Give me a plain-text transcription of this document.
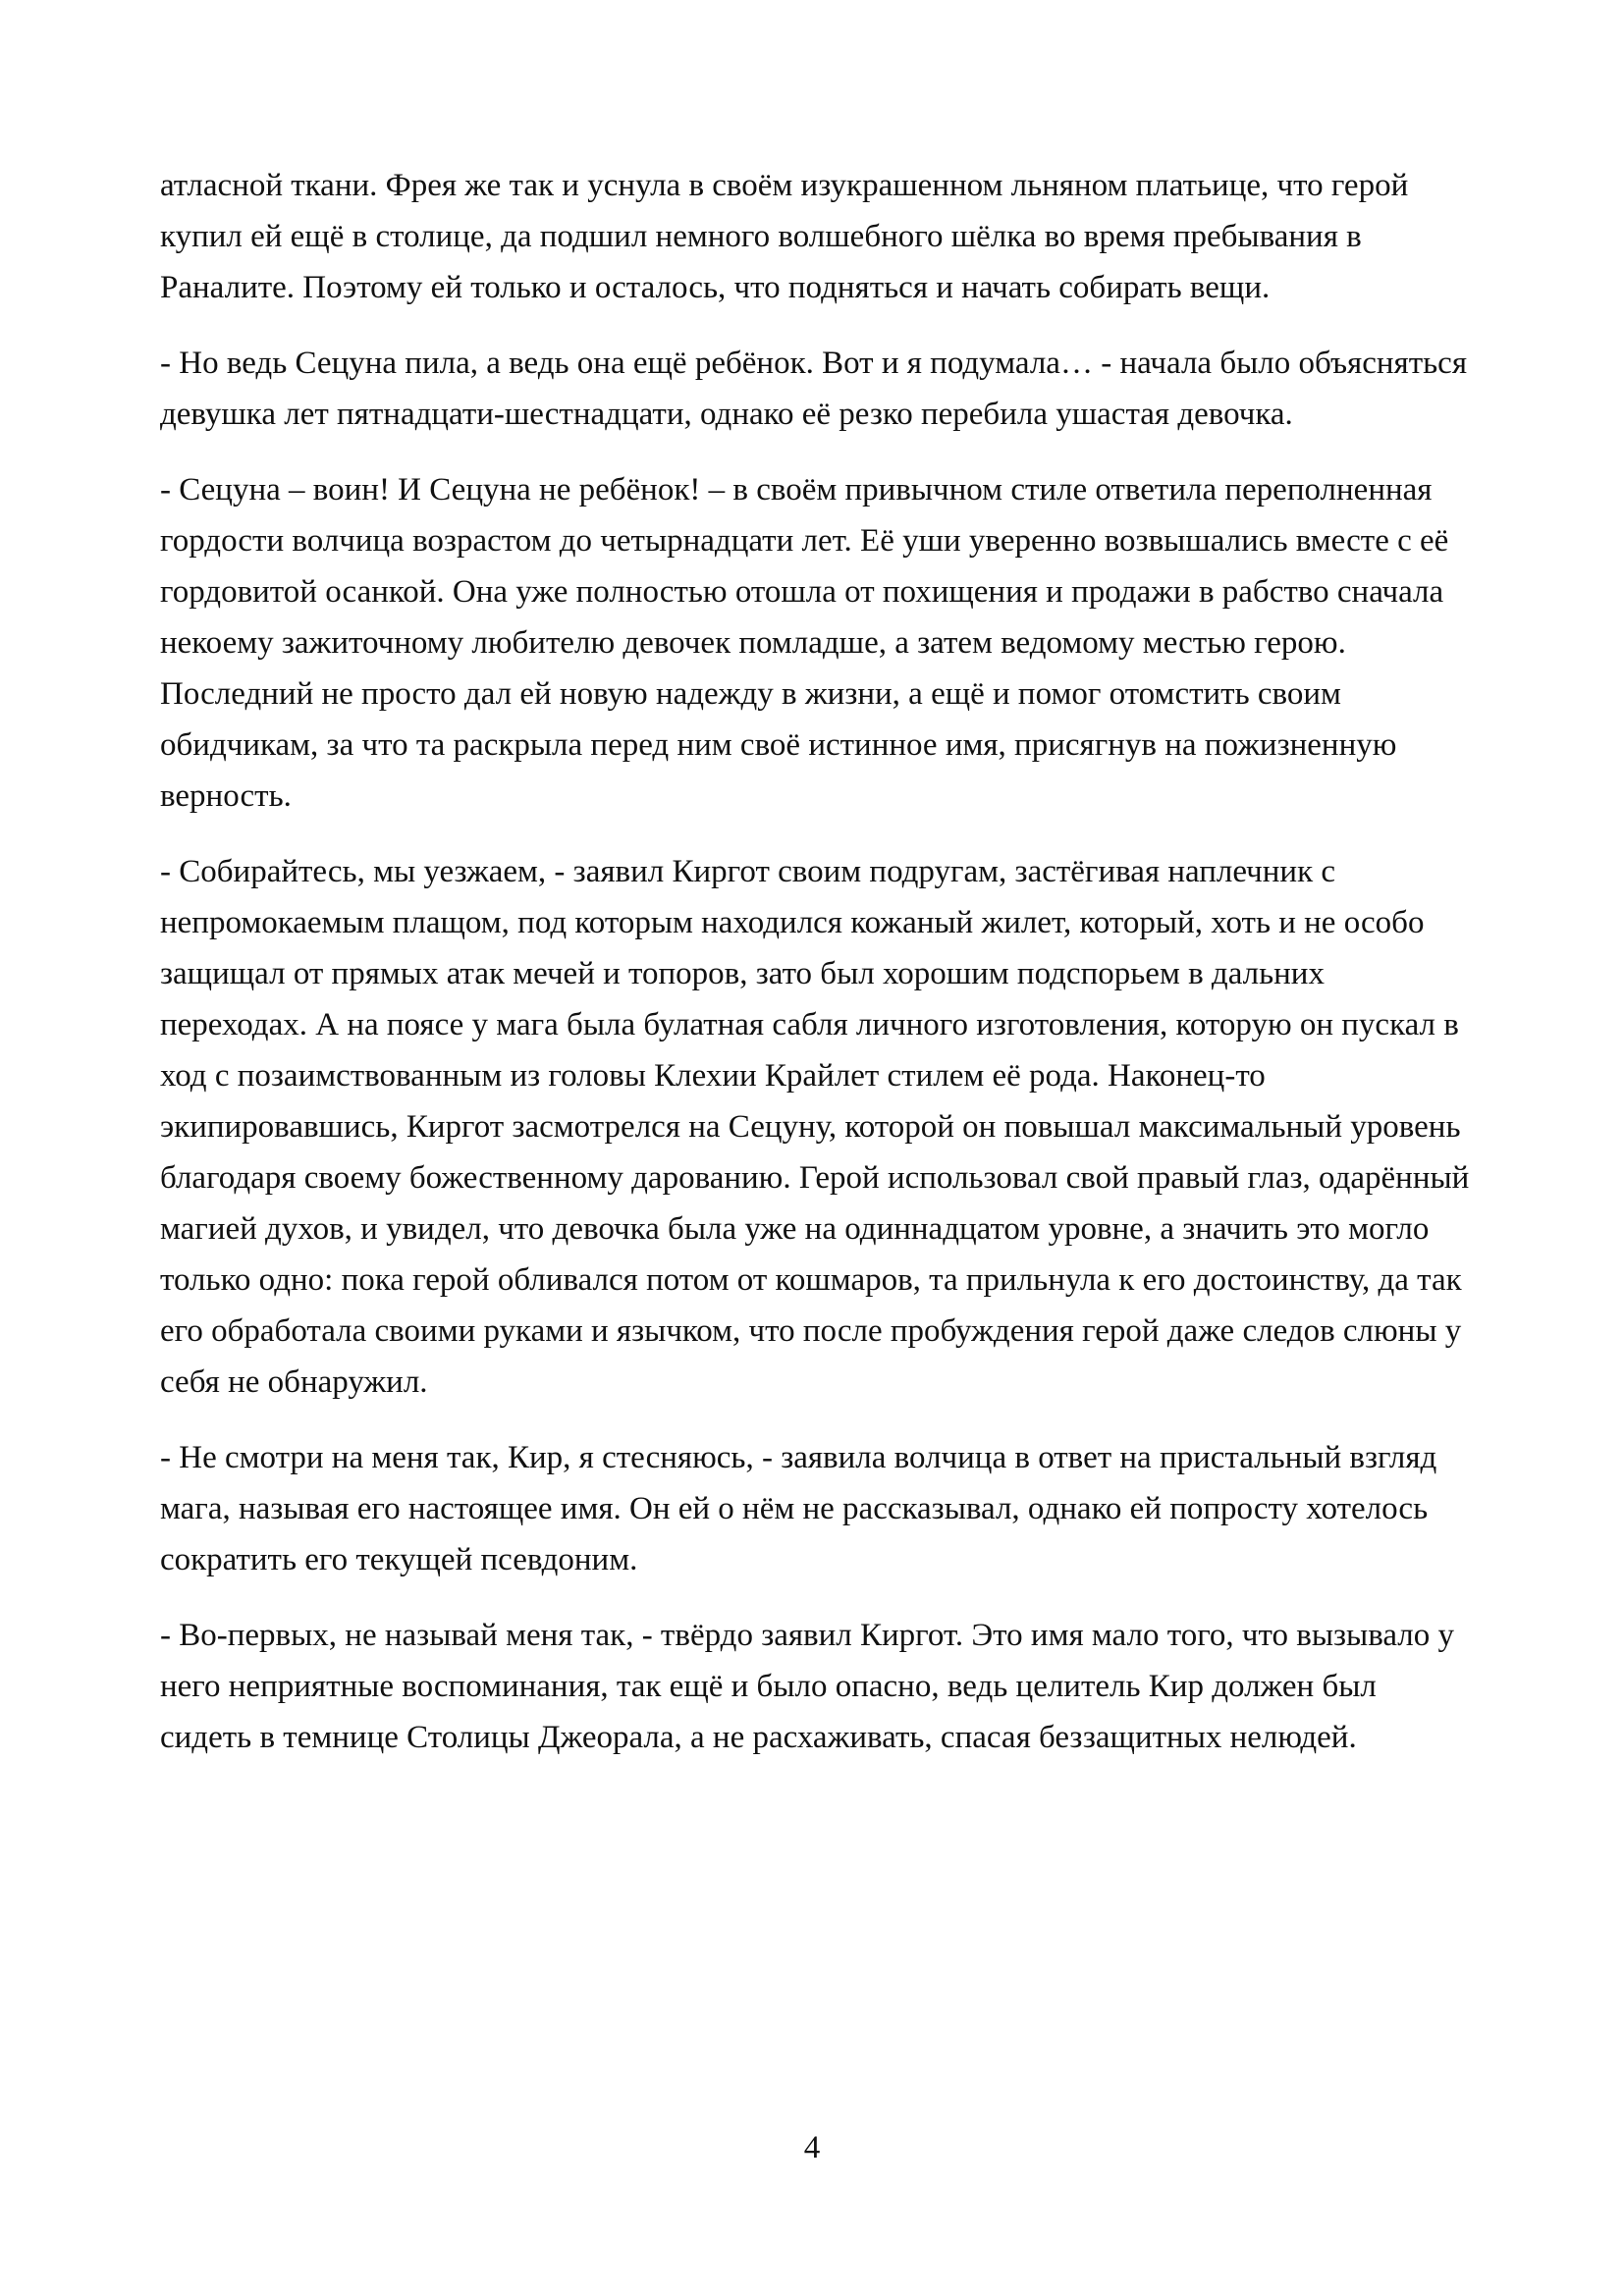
атласной ткани. Фрея же так и уснула в своём изукрашенном льняном платьице, что герой купил ей ещё в столице, да подшил немного волшебного шёлка во время пребывания в Раналите. Поэтому ей только и осталось, что подняться и начать собирать вещи.

- Но ведь Сецуна пила, а ведь она ещё ребёнок. Вот и я подумала… - начала было объясняться девушка лет пятнадцати-шестнадцати, однако её резко перебила ушастая девочка.

- Сецуна – воин! И Сецуна не ребёнок! – в своём привычном стиле ответила переполненная гордости волчица возрастом до четырнадцати лет. Её уши уверенно возвышались вместе с её гордовитой осанкой. Она уже полностью отошла от похищения и продажи в рабство сначала некоему зажиточному любителю девочек помладше, а затем ведомому местью герою. Последний не просто дал ей новую надежду в жизни, а ещё и помог отомстить своим обидчикам, за что та раскрыла перед ним своё истинное имя, присягнув на пожизненную верность.

- Собирайтесь, мы уезжаем, - заявил Киргот своим подругам, застёгивая наплечник с непромокаемым плащом, под которым находился кожаный жилет, который, хоть и не особо защищал от прямых атак мечей и топоров, зато был хорошим подспорьем в дальних переходах. А на поясе у мага была булатная сабля личного изготовления, которую он пускал в ход с позаимствованным из головы Клехии Крайлет стилем её рода. Наконец-то экипировавшись, Киргот засмотрелся на Сецуну, которой он повышал максимальный уровень благодаря своему божественному дарованию. Герой использовал свой правый глаз, одарённый магией духов, и увидел, что девочка была уже на одиннадцатом уровне, а значить это могло только одно: пока герой обливался потом от кошмаров, та прильнула к его достоинству, да так его обработала своими руками и язычком, что после пробуждения герой даже следов слюны у себя не обнаружил.

- Не смотри на меня так, Кир, я стесняюсь, - заявила волчица в ответ на пристальный взгляд мага, называя его настоящее имя. Он ей о нём не рассказывал, однако ей попросту хотелось сократить его текущей псевдоним.

- Во-первых, не называй меня так, - твёрдо заявил Киргот. Это имя мало того, что вызывало у него неприятные воспоминания, так ещё и было опасно, ведь целитель Кир должен был сидеть в темнице Столицы Джеорала, а не расхаживать, спасая беззащитных нелюдей.

4
